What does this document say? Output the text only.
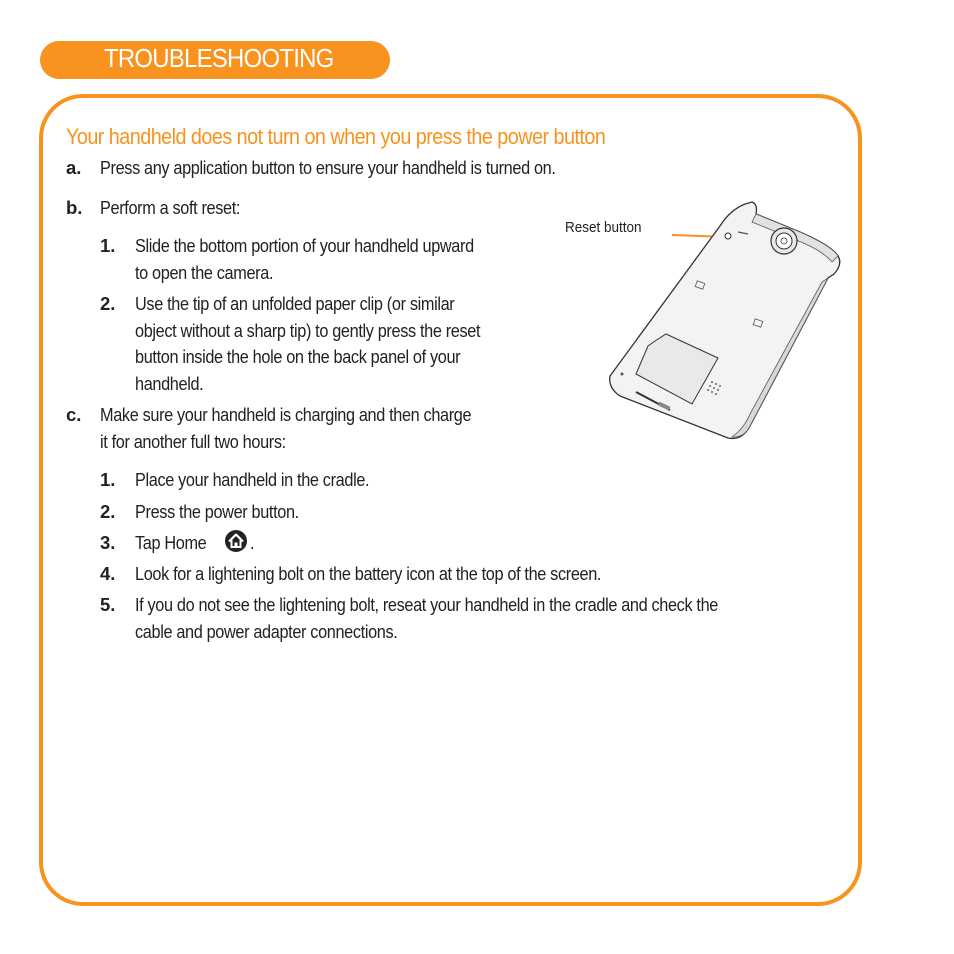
TROUBLESHOOTING
Your handheld does not turn on when you press the power button
a. Press any application button to ensure your handheld is turned on.
b. Perform a soft reset:
1. Slide the bottom portion of your handheld upward
to open the camera.
2. Use the tip of an unfolded paper clip (or similar
object without a sharp tip) to gently press the reset
button inside the hole on the back panel of your
handheld.
c. Make sure your handheld is charging and then charge
it for another full two hours:
1. Place your handheld in the cradle.
2. Press the power button.
3. Tap Home .
4. Look for a lightening bolt on the battery icon at the top of the screen.
5. If you do not see the lightening bolt, reseat your handheld in the cradle and check the
cable and power adapter connections.
Reset button
